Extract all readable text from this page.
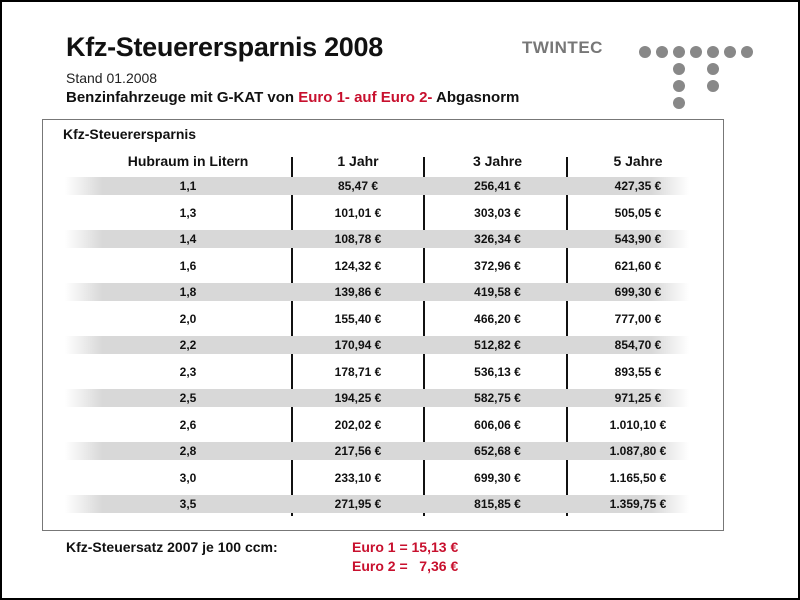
Kfz-Steuerersparnis 2008
Stand 01.2008
Benzinfahrzeuge mit G-KAT von Euro 1- auf Euro 2- Abgasnorm
TWINTEC
Kfz-Steuerersparnis
Hubraum in Litern	1 Jahr	3 Jahre	5 Jahre
1,1	85,47 €	256,41 €	427,35 €
1,3	101,01 €	303,03 €	505,05 €
1,4	108,78 €	326,34 €	543,90 €
1,6	124,32 €	372,96 €	621,60 €
1,8	139,86 €	419,58 €	699,30 €
2,0	155,40 €	466,20 €	777,00 €
2,2	170,94 €	512,82 €	854,70 €
2,3	178,71 €	536,13 €	893,55 €
2,5	194,25 €	582,75 €	971,25 €
2,6	202,02 €	606,06 €	1.010,10 €
2,8	217,56 €	652,68 €	1.087,80 €
3,0	233,10 €	699,30 €	1.165,50 €
3,5	271,95 €	815,85 €	1.359,75 €
Kfz-Steuersatz 2007 je 100 ccm:	Euro 1 = 15,13 €
Euro 2 =   7,36 €
